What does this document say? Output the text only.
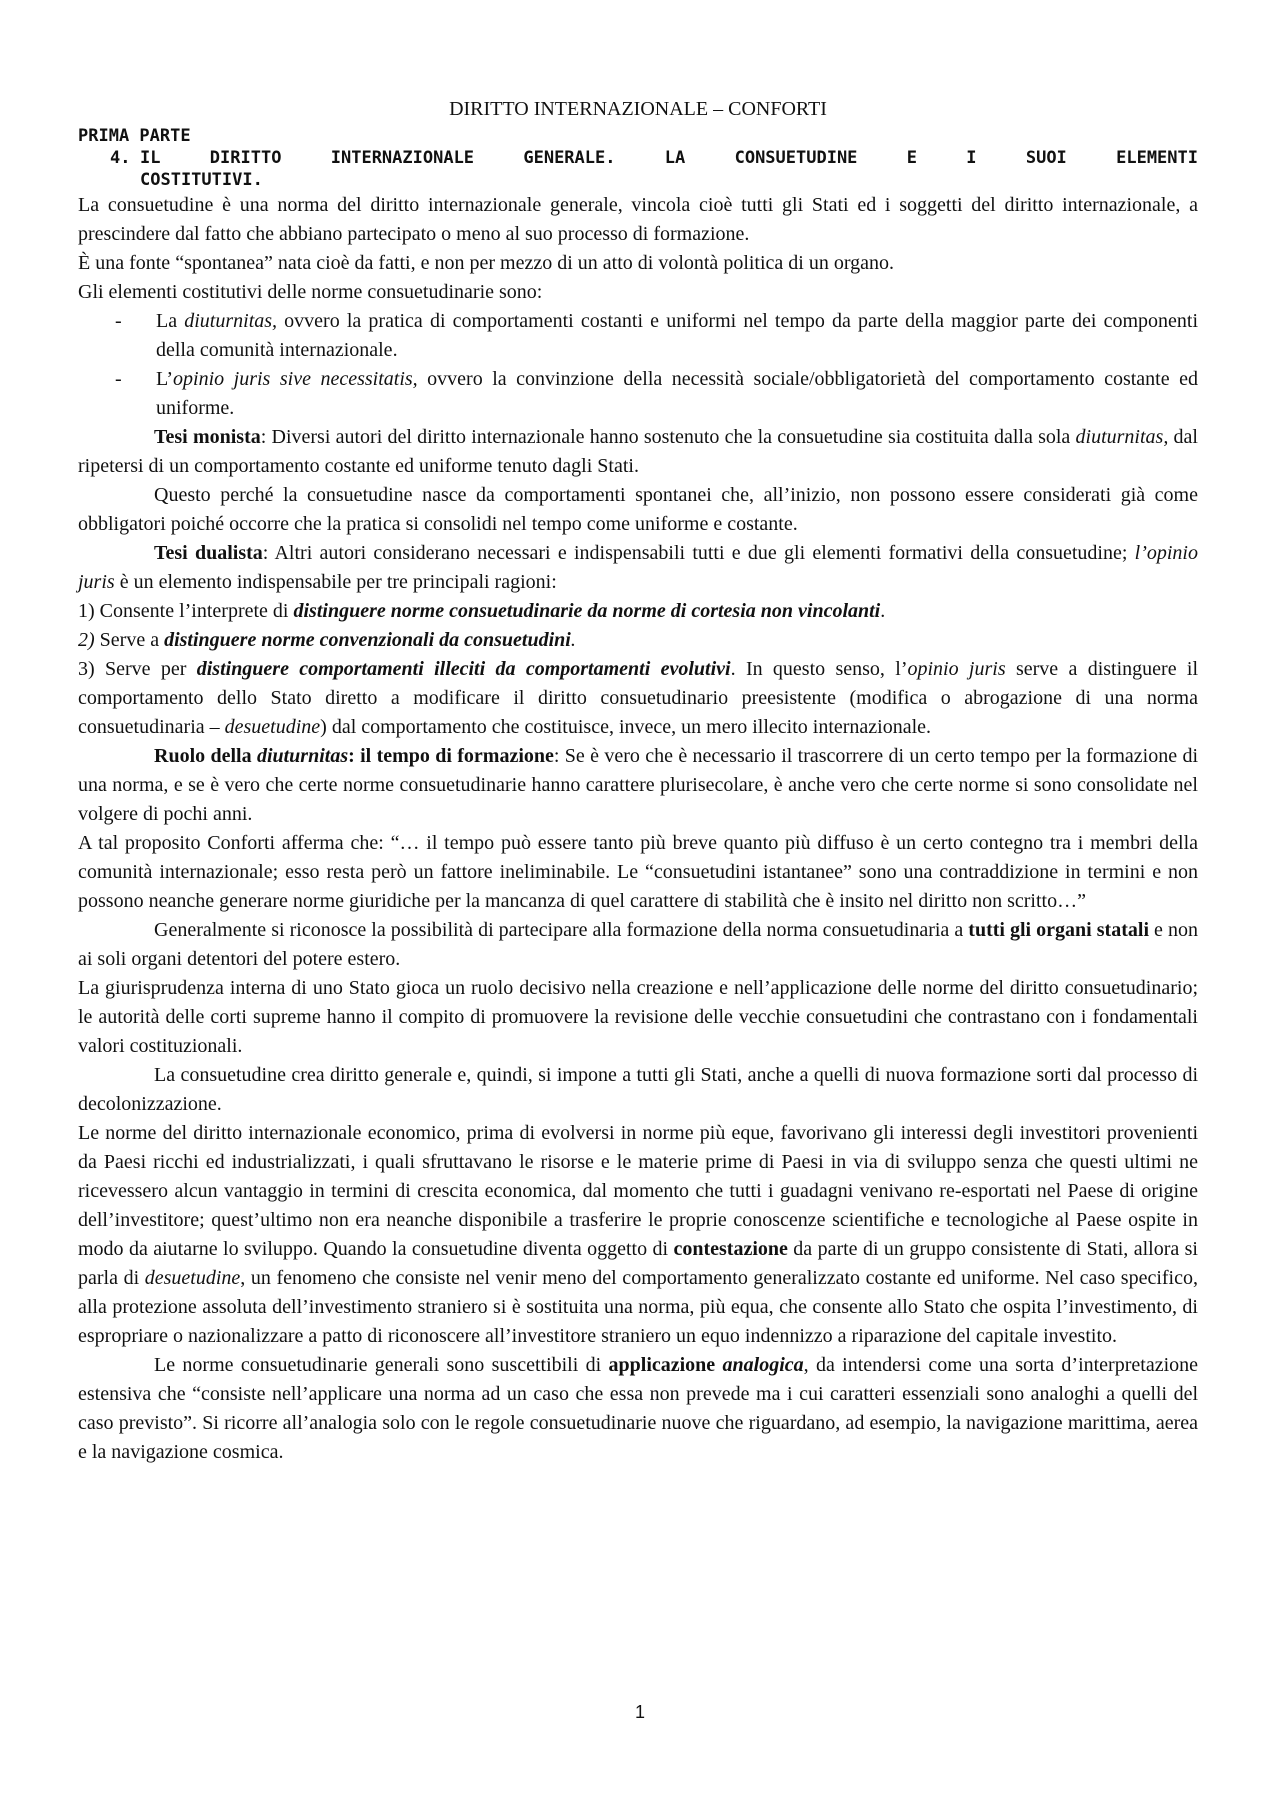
DIRITTO INTERNAZIONALE – CONFORTI
PRIMA PARTE
4. IL DIRITTO INTERNAZIONALE GENERALE. LA CONSUETUDINE E I SUOI ELEMENTI
COSTITUTIVI.

La consuetudine è una norma del diritto internazionale generale, vincola cioè tutti gli Stati ed i soggetti del diritto internazionale, a prescindere dal fatto che abbiano partecipato o meno al suo processo di formazione.

È una fonte “spontanea” nata cioè da fatti, e non per mezzo di un atto di volontà politica di un organo.

Gli elementi costitutivi delle norme consuetudinarie sono:

-	La diuturnitas, ovvero la pratica di comportamenti costanti e uniformi nel tempo da parte della maggior parte dei componenti della comunità internazionale.
-	L’opinio juris sive necessitatis, ovvero la convinzione della necessità sociale/obbligatorietà del comportamento costante ed uniforme.

Tesi monista: Diversi autori del diritto internazionale hanno sostenuto che la consuetudine sia costituita dalla sola diuturnitas, dal ripetersi di un comportamento costante ed uniforme tenuto dagli Stati.

Questo perché la consuetudine nasce da comportamenti spontanei che, all’inizio, non possono essere considerati già come obbligatori poiché occorre che la pratica si consolidi nel tempo come uniforme e costante.

Tesi dualista: Altri autori considerano necessari e indispensabili tutti e due gli elementi formativi della consuetudine; l’opinio juris è un elemento indispensabile per tre principali ragioni:

1) Consente l’interprete di distinguere norme consuetudinarie da norme di cortesia non vincolanti.

2) Serve a distinguere norme convenzionali da consuetudini.

3) Serve per distinguere comportamenti illeciti da comportamenti evolutivi. In questo senso, l’opinio juris serve a distinguere il comportamento dello Stato diretto a modificare il diritto consuetudinario preesistente (modifica o abrogazione di una norma consuetudinaria – desuetudine) dal comportamento che costituisce, invece, un mero illecito internazionale.

Ruolo della diuturnitas: il tempo di formazione: Se è vero che è necessario il trascorrere di un certo tempo per la formazione di una norma, e se è vero che certe norme consuetudinarie hanno carattere plurisecolare, è anche vero che certe norme si sono consolidate nel volgere di pochi anni.

A tal proposito Conforti afferma che: “… il tempo può essere tanto più breve quanto più diffuso è un certo contegno tra i membri della comunità internazionale; esso resta però un fattore ineliminabile. Le “consuetudini istantanee” sono una contraddizione in termini e non possono neanche generare norme giuridiche per la mancanza di quel carattere di stabilità che è insito nel diritto non scritto…”

Generalmente si riconosce la possibilità di partecipare alla formazione della norma consuetudinaria a tutti gli organi statali e non ai soli organi detentori del potere estero.

La giurisprudenza interna di uno Stato gioca un ruolo decisivo nella creazione e nell’applicazione delle norme del diritto consuetudinario; le autorità delle corti supreme hanno il compito di promuovere la revisione delle vecchie consuetudini che contrastano con i fondamentali valori costituzionali.

La consuetudine crea diritto generale e, quindi, si impone a tutti gli Stati, anche a quelli di nuova formazione sorti dal processo di decolonizzazione.

Le norme del diritto internazionale economico, prima di evolversi in norme più eque, favorivano gli interessi degli investitori provenienti da Paesi ricchi ed industrializzati, i quali sfruttavano le risorse e le materie prime di Paesi in via di sviluppo senza che questi ultimi ne ricevessero alcun vantaggio in termini di crescita economica, dal momento che tutti i guadagni venivano re-esportati nel Paese di origine dell’investitore; quest’ultimo non era neanche disponibile a trasferire le proprie conoscenze scientifiche e tecnologiche al Paese ospite in modo da aiutarne lo sviluppo. Quando la consuetudine diventa oggetto di contestazione da parte di un gruppo consistente di Stati, allora si parla di desuetudine, un fenomeno che consiste nel venir meno del comportamento generalizzato costante ed uniforme. Nel caso specifico, alla protezione assoluta dell’investimento straniero si è sostituita una norma, più equa, che consente allo Stato che ospita l’investimento, di espropriare o nazionalizzare a patto di riconoscere all’investitore straniero un equo indennizzo a riparazione del capitale investito.

Le norme consuetudinarie generali sono suscettibili di applicazione analogica, da intendersi come una sorta d’interpretazione estensiva che “consiste nell’applicare una norma ad un caso che essa non prevede ma i cui caratteri essenziali sono analoghi a quelli del caso previsto”. Si ricorre all’analogia solo con le regole consuetudinarie nuove che riguardano, ad esempio, la navigazione marittima, aerea e la navigazione cosmica.

1
